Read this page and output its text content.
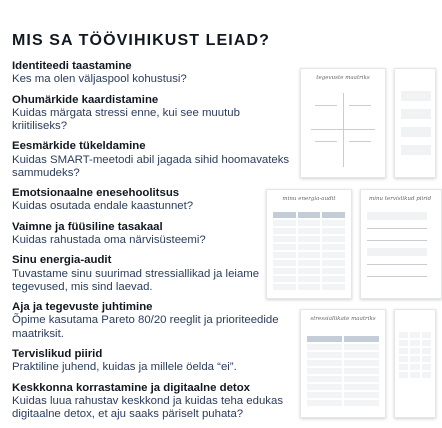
MIS SA TÖÖVIHIKUST LEIAD?
Identiteedi taastamine
Kes ma olen väljaspool kohustusi?
Ohumärkide kaardistamine
Kuidas märgata stressi enne, kui see muutub kriitiliseks?
Eesmärkide tükeldamine
Kuidas SMART-meetodi abil jagada sihid hoomavateks sammudeks?
Emotsionaalne enesehoolitsus
Kuidas osutada endale kaastunnet?
Vaimne ja füüsiline tasakaal
Kuidas rahustada oma närvisüsteemi?
Sinu energia-audit
Tuvastame sinu suurimad stressiallikad ja leiame tegevused, mis sind laevad.
Aja ja tegevuste juhtimine
Õpime kasutama Pareto 80/20 reeglit ja prioriteedide maatriksit.
Tervislikud piirid
Praktiline juhend, kuidas ja millele öelda “ei”.
Keskkonna korrastamine ja digitaalne detox
Kuidas luua rahustav keskkond ja kuidas teha edukas digitaalne detox, et aju saaks päriselt puhata?
tegevuste maatriks
minu energia-audit	minu tervislikud piirid
stressiallikate maatriks
